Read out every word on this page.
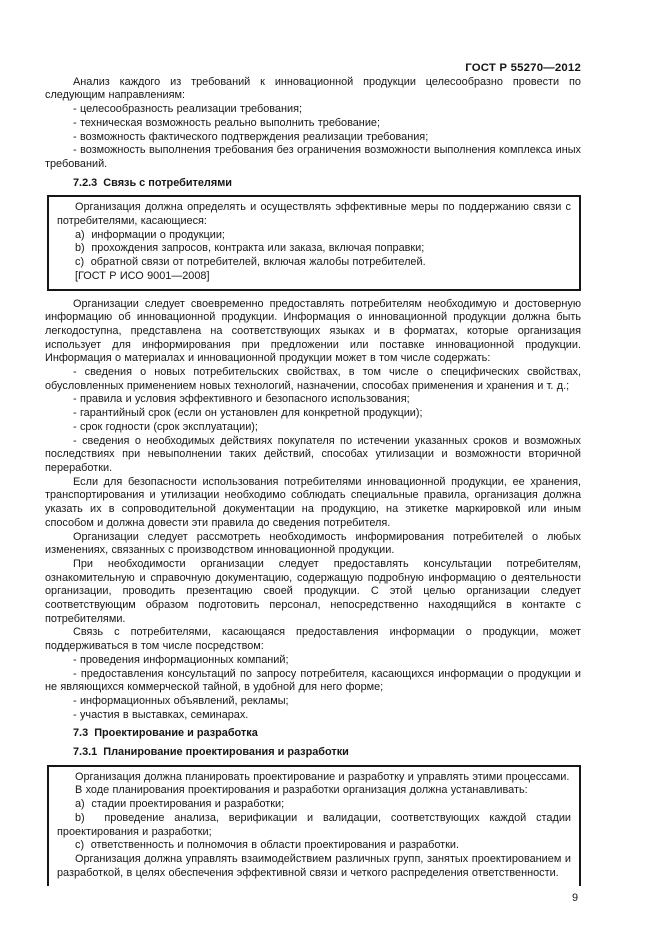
ГОСТ Р 55270—2012

Анализ каждого из требований к инновационной продукции целесообразно провести по следующим направлениям:

- целесообразность реализации требования;

- техническая возможность реально выполнить требование;

- возможность фактического подтверждения реализации требования;

- возможность выполнения требования без ограничения возможности выполнения комплекса иных требований.

7.2.3  Связь с потребителями

Организация должна определять и осуществлять эффективные меры по поддержанию связи с потребителями, касающиеся:

a)  информации о продукции;

b)  прохождения запросов, контракта или заказа, включая поправки;

c)  обратной связи от потребителей, включая жалобы потребителей.

[ГОСТ Р ИСО 9001—2008]

Организации следует своевременно предоставлять потребителям необходимую и достоверную информацию об инновационной продукции. Информация о инновационной продукции должна быть легкодоступна, представлена на соответствующих языках и в форматах, которые организация использует для информирования при предложении или поставке инновационной продукции. Информация о материалах и инновационной продукции может в том числе содержать:

- сведения о новых потребительских свойствах, в том числе о специфических свойствах, обусловленных применением новых технологий, назначении, способах применения и хранения и т. д.;

- правила и условия эффективного и безопасного использования;

- гарантийный срок (если он установлен для конкретной продукции);

- срок годности (срок эксплуатации);

- сведения о необходимых действиях покупателя по истечении указанных сроков и возможных последствиях при невыполнении таких действий, способах утилизации и возможности вторичной переработки.

Если для безопасности использования потребителями инновационной продукции, ее хранения, транспортирования и утилизации необходимо соблюдать специальные правила, организация должна указать их в сопроводительной документации на продукцию, на этикетке маркировкой или иным способом и должна довести эти правила до сведения потребителя.

Организации следует рассмотреть необходимость информирования потребителей о любых изменениях, связанных с производством инновационной продукции.

При необходимости организации следует предоставлять консультации потребителям, ознакомительную и справочную документацию, содержащую подробную информацию о деятельности организации, проводить презентацию своей продукции. С этой целью организации следует соответствующим образом подготовить персонал, непосредственно находящийся в контакте с потребителями.

Связь с потребителями, касающаяся предоставления информации о продукции, может поддерживаться в том числе посредством:

- проведения информационных компаний;

- предоставления консультаций по запросу потребителя, касающихся информации о продукции и не являющихся коммерческой тайной, в удобной для него форме;

- информационных объявлений, рекламы;

- участия в выставках, семинарах.

7.3  Проектирование и разработка
7.3.1  Планирование проектирования и разработки

Организация должна планировать проектирование и разработку и управлять этими процессами.

В ходе планирования проектирования и разработки организация должна устанавливать:

a)  стадии проектирования и разработки;

b)  проведение анализа, верификации и валидации, соответствующих каждой стадии проектирования и разработки;

c)  ответственность и полномочия в области проектирования и разработки.

Организация должна управлять взаимодействием различных групп, занятых проектированием и разработкой, в целях обеспечения эффективной связи и четкого распределения ответственности.

9
